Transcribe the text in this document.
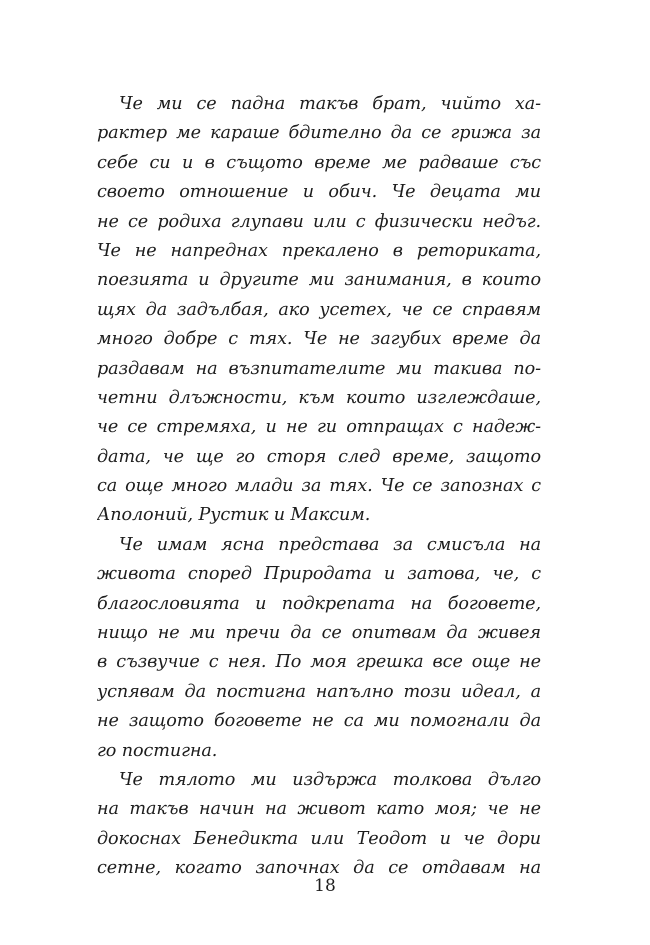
Че ми се падна такъв брат, чийто ха-
рактер ме караше бдително да се грижа за
себе си и в същото време ме радваше със
своето отношение и обич. Че децата ми
не се родиха глупави или с физически недъг.
Че не напреднах прекалено в реториката,
поезията и другите ми занимания, в които
щях да задълбая, ако усетех, че се справям
много добре с тях. Че не загубих време да
раздавам на възпитателите ми такива по-
четни длъжности, към които изглеждаше,
че се стремяха, и не ги отпращах с надеж-
дата, че ще го сторя след време, защото
са още много млади за тях. Че се запознах с
Аполоний, Рустик и Максим.
Че имам ясна представа за смисъла на
живота според Природата и затова, че, с
благословията и подкрепата на боговете,
нищо не ми пречи да се опитвам да живея
в съзвучие с нея. По моя грешка все още не
успявам да постигна напълно този идеал, а
не защото боговете не са ми помогнали да
го постигна.
Че тялото ми издържа толкова дълго
на такъв начин на живот като моя; че не
докоснах Бенедикта или Теодот и че дори
сетне, когато започнах да се отдавам на
18
